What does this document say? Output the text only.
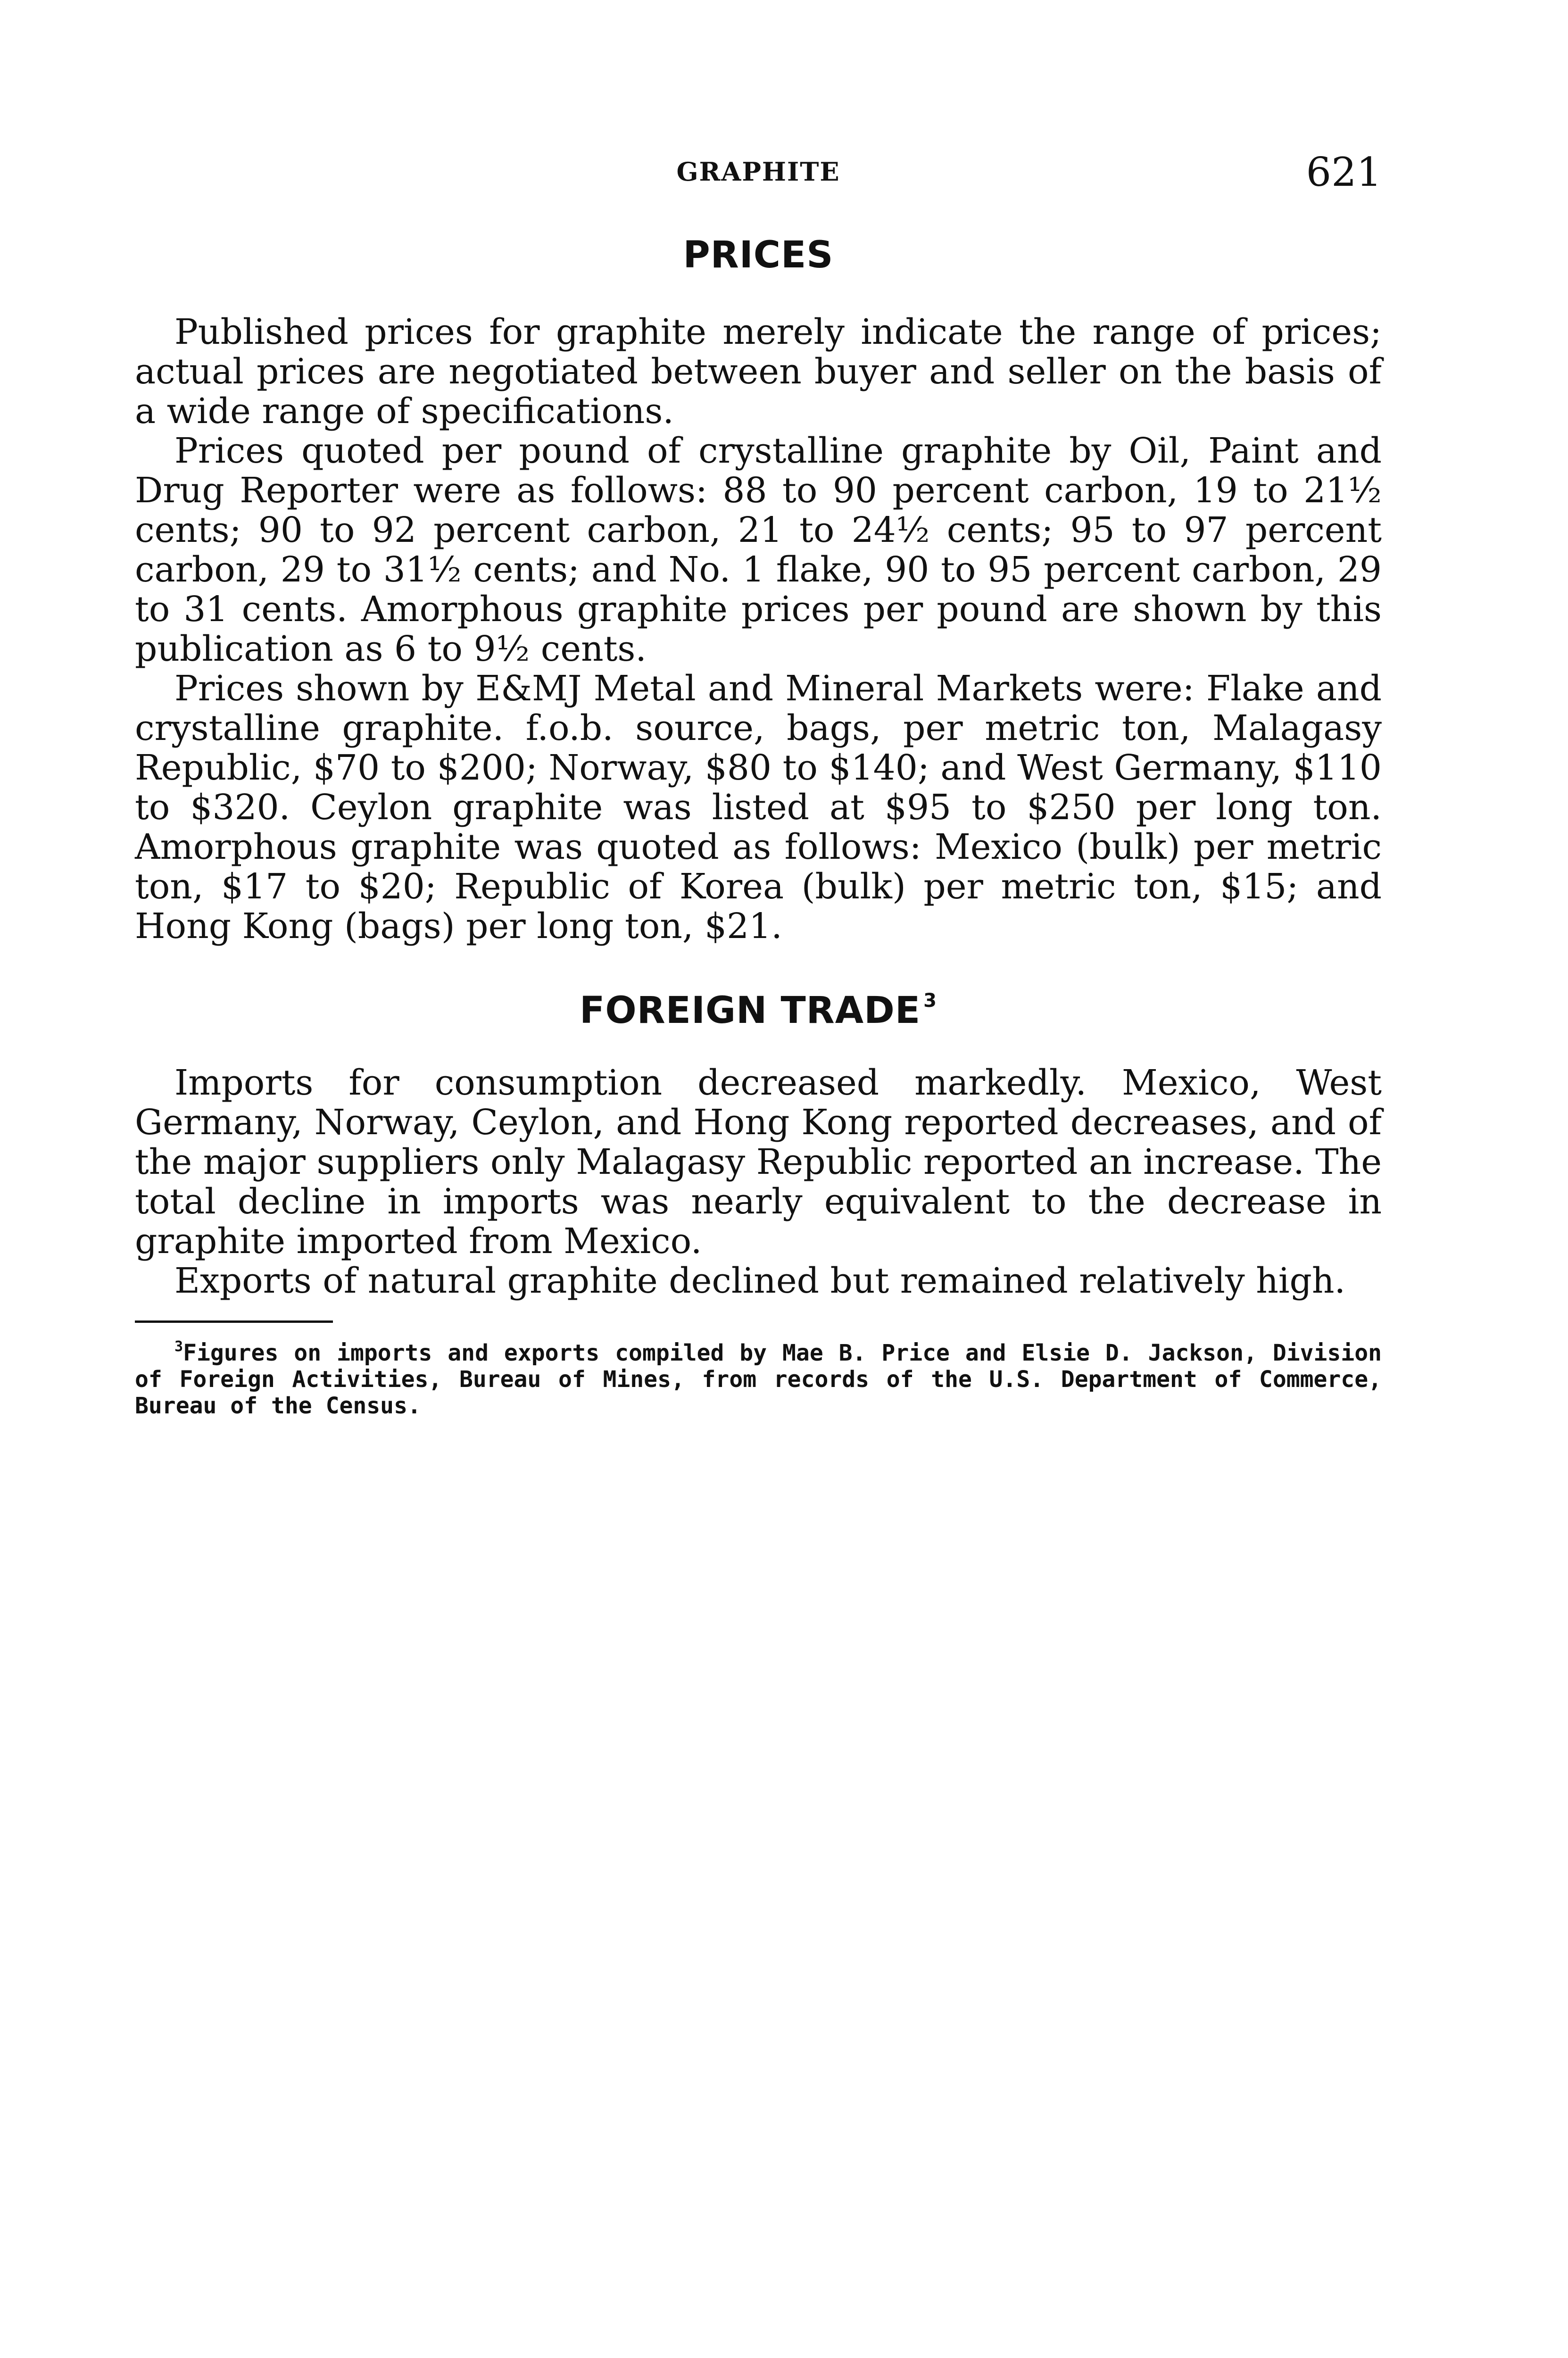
GRAPHITE	621
PRICES

Published prices for graphite merely indicate the range of prices; actual prices are negotiated between buyer and seller on the basis of a wide range of specifications.

Prices quoted per pound of crystalline graphite by Oil, Paint and Drug Reporter were as follows: 88 to 90 percent carbon, 19 to 21½ cents; 90 to 92 percent carbon, 21 to 24½ cents; 95 to 97 percent carbon, 29 to 31½ cents; and No. 1 flake, 90 to 95 percent carbon, 29 to 31 cents. Amorphous graphite prices per pound are shown by this publication as 6 to 9½ cents.

Prices shown by E&MJ Metal and Mineral Markets were: Flake and crystalline graphite. f.o.b. source, bags, per metric ton, Malagasy Republic, $70 to $200; Norway, $80 to $140; and West Germany, $110 to $320. Ceylon graphite was listed at $95 to $250 per long ton. Amorphous graphite was quoted as follows: Mexico (bulk) per metric ton, $17 to $20; Republic of Korea (bulk) per metric ton, $15; and Hong Kong (bags) per long ton, $21.

FOREIGN TRADE $^3$

Imports for consumption decreased markedly. Mexico, West Germany, Norway, Ceylon, and Hong Kong reported decreases, and of the major suppliers only Malagasy Republic reported an increase. The total decline in imports was nearly equivalent to the decrease in graphite imported from Mexico.

Exports of natural graphite declined but remained relatively high.

$^3$Figures on imports and exports compiled by Mae B. Price and Elsie D. Jackson, Division of Foreign Activities, Bureau of Mines, from records of the U.S. Department of Commerce, Bureau of the Census.
